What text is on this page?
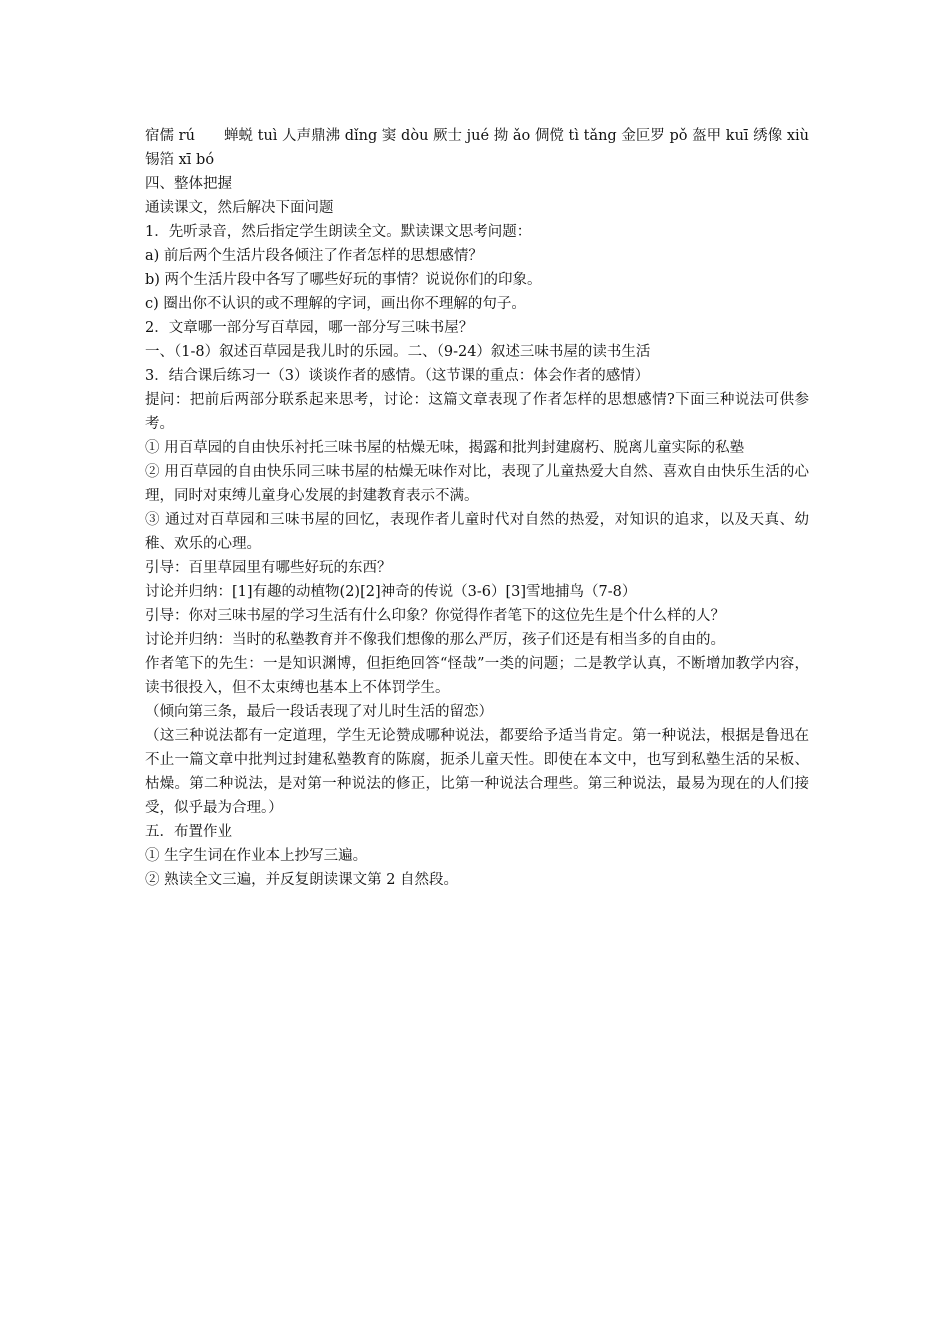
宿儒 rú　　蝉蜕 tuì 人声鼎沸 dǐng 窦 dòu 厥士 jué 拗 ǎo 倜傥 tì tǎng 金叵罗 pǒ 盔甲 kuī 绣像 xiù 锡箔 xī bó

四、整体把握

通读课文，然后解决下面问题

1．先听录音，然后指定学生朗读全文。默读课文思考问题：

a) 前后两个生活片段各倾注了作者怎样的思想感情？

b) 两个生活片段中各写了哪些好玩的事情？说说你们的印象。

c) 圈出你不认识的或不理解的字词，画出你不理解的句子。

2．文章哪一部分写百草园，哪一部分写三味书屋？

一、（1-8）叙述百草园是我儿时的乐园。二、（9-24）叙述三味书屋的读书生活

3．结合课后练习一（3）谈谈作者的感情。（这节课的重点：体会作者的感情）

提问：把前后两部分联系起来思考，讨论：这篇文章表现了作者怎样的思想感情?下面三种说法可供参考。

① 用百草园的自由快乐衬托三味书屋的枯燥无味，揭露和批判封建腐朽、脱离儿童实际的私塾

② 用百草园的自由快乐同三味书屋的枯燥无味作对比，表现了儿童热爱大自然、喜欢自由快乐生活的心理，同时对束缚儿童身心发展的封建教育表示不满。

③ 通过对百草园和三味书屋的回忆，表现作者儿童时代对自然的热爱，对知识的追求，以及天真、幼稚、欢乐的心理。

引导：百里草园里有哪些好玩的东西？

讨论并归纳：[1]有趣的动植物(2)[2]神奇的传说（3-6）[3]雪地捕鸟（7-8）

引导：你对三味书屋的学习生活有什么印象？你觉得作者笔下的这位先生是个什么样的人？

讨论并归纳：当时的私塾教育并不像我们想像的那么严厉，孩子们还是有相当多的自由的。

作者笔下的先生：一是知识渊博，但拒绝回答“怪哉”一类的问题；二是教学认真，不断增加教学内容，读书很投入，但不太束缚也基本上不体罚学生。

（倾向第三条，最后一段话表现了对儿时生活的留恋）

（这三种说法都有一定道理，学生无论赞成哪种说法，都要给予适当肯定。第一种说法，根据是鲁迅在不止一篇文章中批判过封建私塾教育的陈腐，扼杀儿童天性。即使在本文中，也写到私塾生活的呆板、枯燥。第二种说法，是对第一种说法的修正，比第一种说法合理些。第三种说法，最易为现在的人们接受，似乎最为合理。）

五．布置作业

① 生字生词在作业本上抄写三遍。

② 熟读全文三遍，并反复朗读课文第 2 自然段。
